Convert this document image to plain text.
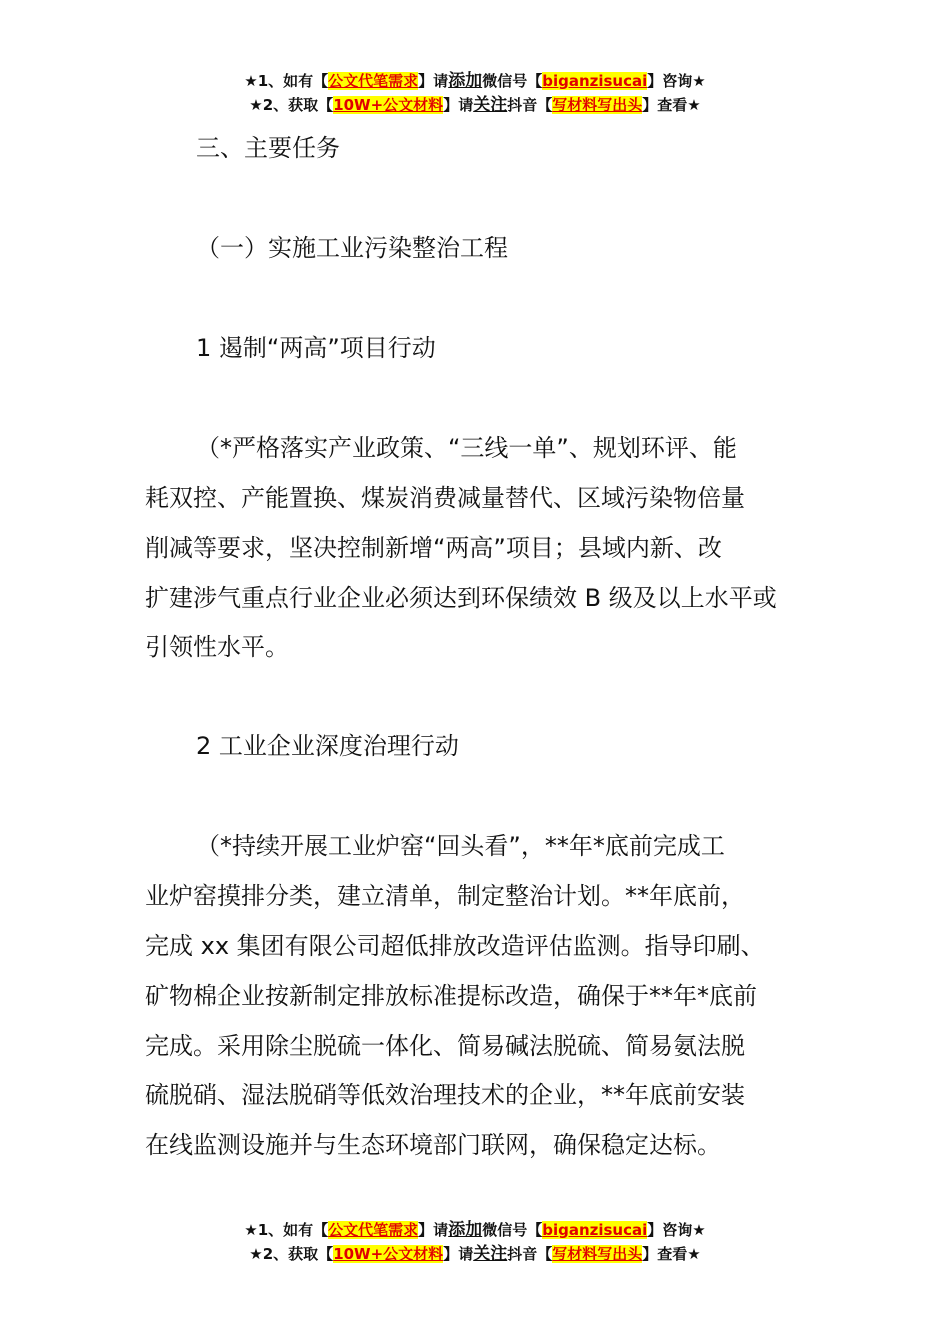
★1、如有【公文代笔需求】请添加微信号【biganzisucai】咨询★
★2、获取【10W+公文材料】请关注抖音【写材料写出头】查看★
三、主要任务
（一）实施工业污染整治工程
1 遏制“两高”项目行动
（*严格落实产业政策、“三线一单”、规划环评、能
耗双控、产能置换、煤炭消费减量替代、区域污染物倍量
削减等要求，坚决控制新增“两高”项目；县域内新、改
扩建涉气重点行业企业必须达到环保绩效 B 级及以上水平或
引领性水平。
2 工业企业深度治理行动
（*持续开展工业炉窑“回头看”，**年*底前完成工
业炉窑摸排分类，建立清单，制定整治计划。**年底前，
完成 xx 集团有限公司超低排放改造评估监测。指导印刷、
矿物棉企业按新制定排放标准提标改造，确保于**年*底前
完成。采用除尘脱硫一体化、简易碱法脱硫、简易氨法脱
硫脱硝、湿法脱硝等低效治理技术的企业，**年底前安装
在线监测设施并与生态环境部门联网，确保稳定达标。
★1、如有【公文代笔需求】请添加微信号【biganzisucai】咨询★
★2、获取【10W+公文材料】请关注抖音【写材料写出头】查看★
